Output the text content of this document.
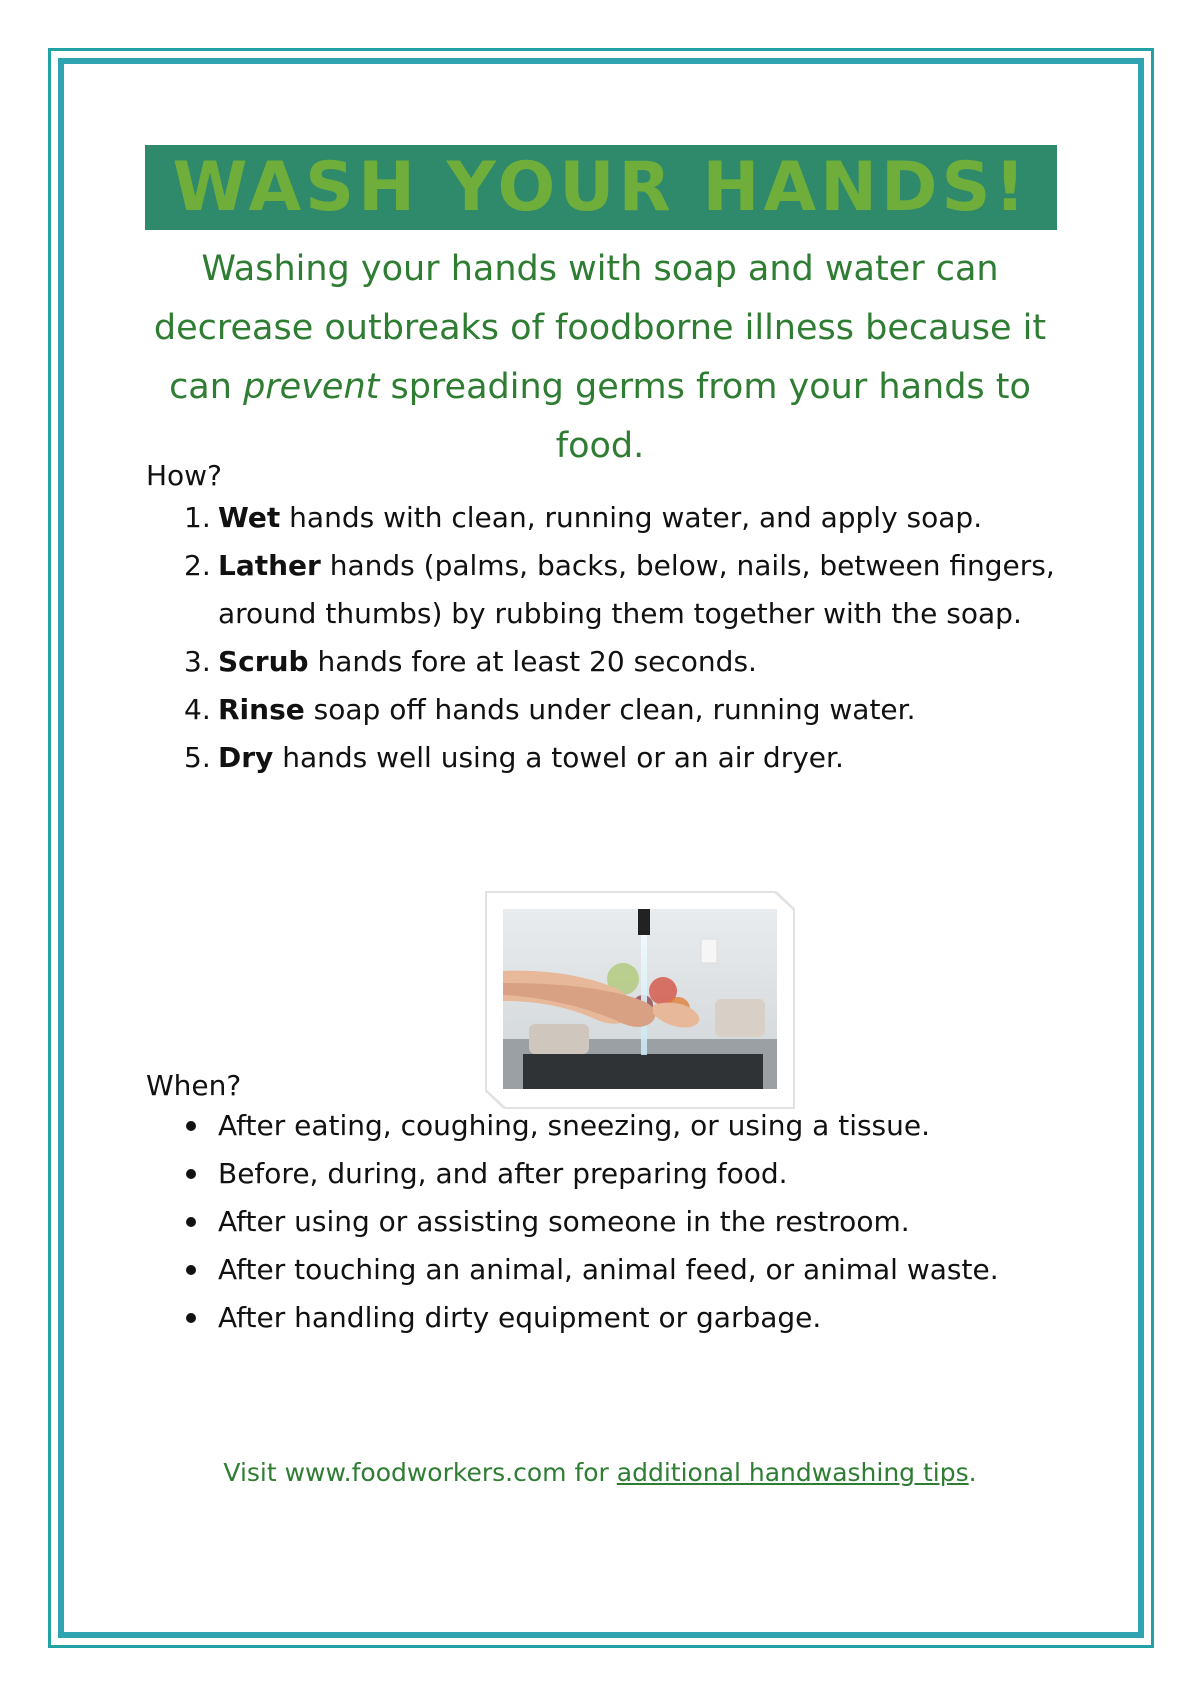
WASH YOUR HANDS!

Washing your hands with soap and water can decrease outbreaks of foodborne illness because it can prevent spreading germs from your hands to food.

How?

1. Wet hands with clean, running water, and apply soap.
2. Lather hands (palms, backs, below, nails, between fingers, around thumbs) by rubbing them together with the soap.
3. Scrub hands fore at least 20 seconds.
4. Rinse soap off hands under clean, running water.
5. Dry hands well using a towel or an air dryer.

When?

After eating, coughing, sneezing, or using a tissue.
Before, during, and after preparing food.
After using or assisting someone in the restroom.
After touching an animal, animal feed, or animal waste.
After handling dirty equipment or garbage.

Visit www.foodworkers.com for additional handwashing tips.
